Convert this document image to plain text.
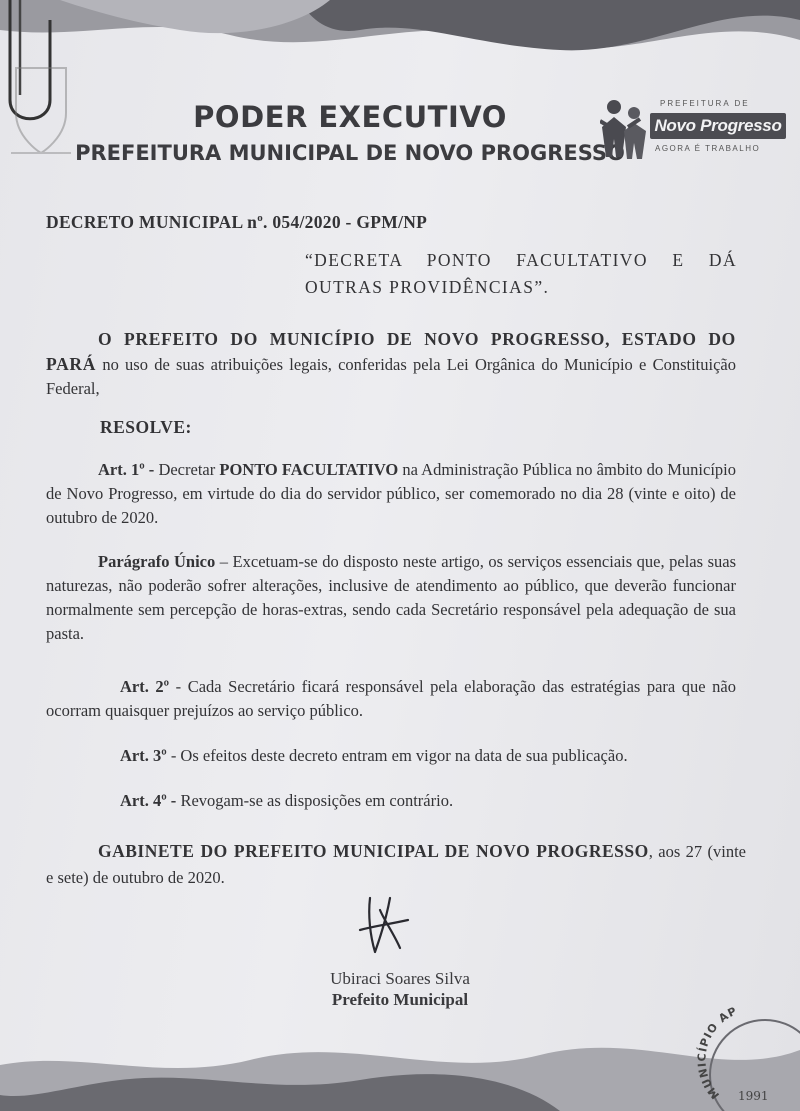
PODER EXECUTIVO
PREFEITURA MUNICIPAL DE NOVO PROGRESSO
PREFEITURA DE
Novo Progresso
AGORA É TRABALHO
DECRETO MUNICIPAL $n^o$. 054/2020 - GPM/NP
“DECRETA PONTO FACULTATIVO E DÁ OUTRAS PROVIDÊNCIAS”.
O PREFEITO DO MUNICÍPIO DE NOVO PROGRESSO, ESTADO DO PARÁ no uso de suas atribuições legais, conferidas pela Lei Orgânica do Município e Constituição Federal,
RESOLVE:
Art. 1º - Decretar PONTO FACULTATIVO na Administração Pública no âmbito do Município de Novo Progresso, em virtude do dia do servidor público, ser comemorado no dia 28 (vinte e oito) de outubro de 2020.
Parágrafo Único – Excetuam-se do disposto neste artigo, os serviços essenciais que, pelas suas naturezas, não poderão sofrer alterações, inclusive de atendimento ao público, que deverão funcionar normalmente sem percepção de horas-extras, sendo cada Secretário responsável pela adequação de sua pasta.
Art. 2º - Cada Secretário ficará responsável pela elaboração das estratégias para que não ocorram quaisquer prejuízos ao serviço público.
Art. 3º - Os efeitos deste decreto entram em vigor na data de sua publicação.
Art. 4º - Revogam-se as disposições em contrário.
GABINETE DO PREFEITO MUNICIPAL DE NOVO PROGRESSO, aos 27 (vinte e sete) de outubro de 2020.
Ubiraci Soares Silva
Prefeito Municipal
MUNICÍPIO AP
1991
